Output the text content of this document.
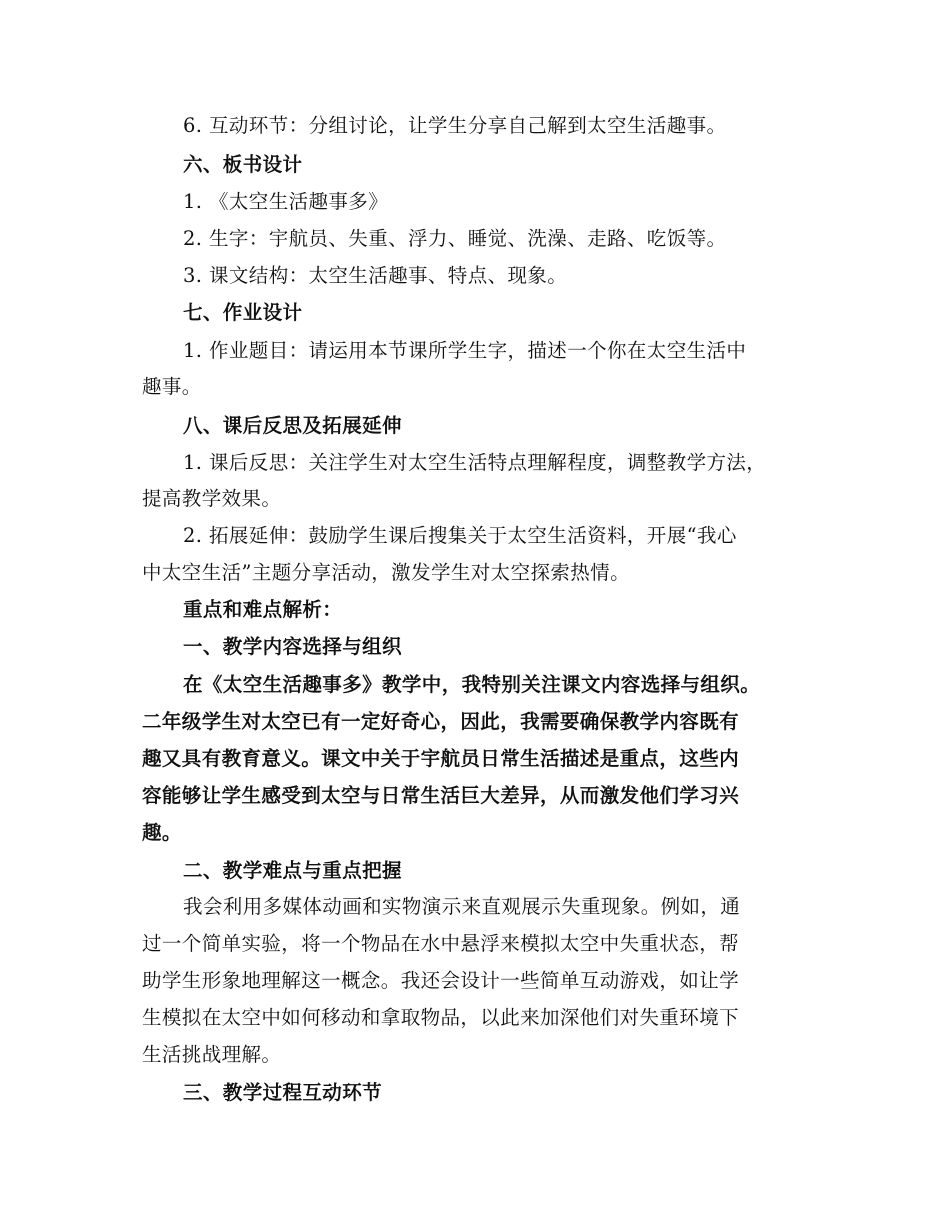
6. 互动环节：分组讨论，让学生分享自己解到太空生活趣事。
六、板书设计
1. 《太空生活趣事多》
2. 生字：宇航员、失重、浮力、睡觉、洗澡、走路、吃饭等。
3. 课文结构：太空生活趣事、特点、现象。
七、作业设计
1. 作业题目：请运用本节课所学生字，描述一个你在太空生活中
趣事。
八、课后反思及拓展延伸
1. 课后反思：关注学生对太空生活特点理解程度，调整教学方法，
提高教学效果。
2. 拓展延伸：鼓励学生课后搜集关于太空生活资料，开展“我心
中太空生活”主题分享活动，激发学生对太空探索热情。
重点和难点解析：
一、教学内容选择与组织
在《太空生活趣事多》教学中，我特别关注课文内容选择与组织。
二年级学生对太空已有一定好奇心，因此，我需要确保教学内容既有
趣又具有教育意义。课文中关于宇航员日常生活描述是重点，这些内
容能够让学生感受到太空与日常生活巨大差异，从而激发他们学习兴
趣。
二、教学难点与重点把握
我会利用多媒体动画和实物演示来直观展示失重现象。例如，通
过一个简单实验，将一个物品在水中悬浮来模拟太空中失重状态，帮
助学生形象地理解这一概念。我还会设计一些简单互动游戏，如让学
生模拟在太空中如何移动和拿取物品，以此来加深他们对失重环境下
生活挑战理解。
三、教学过程互动环节
